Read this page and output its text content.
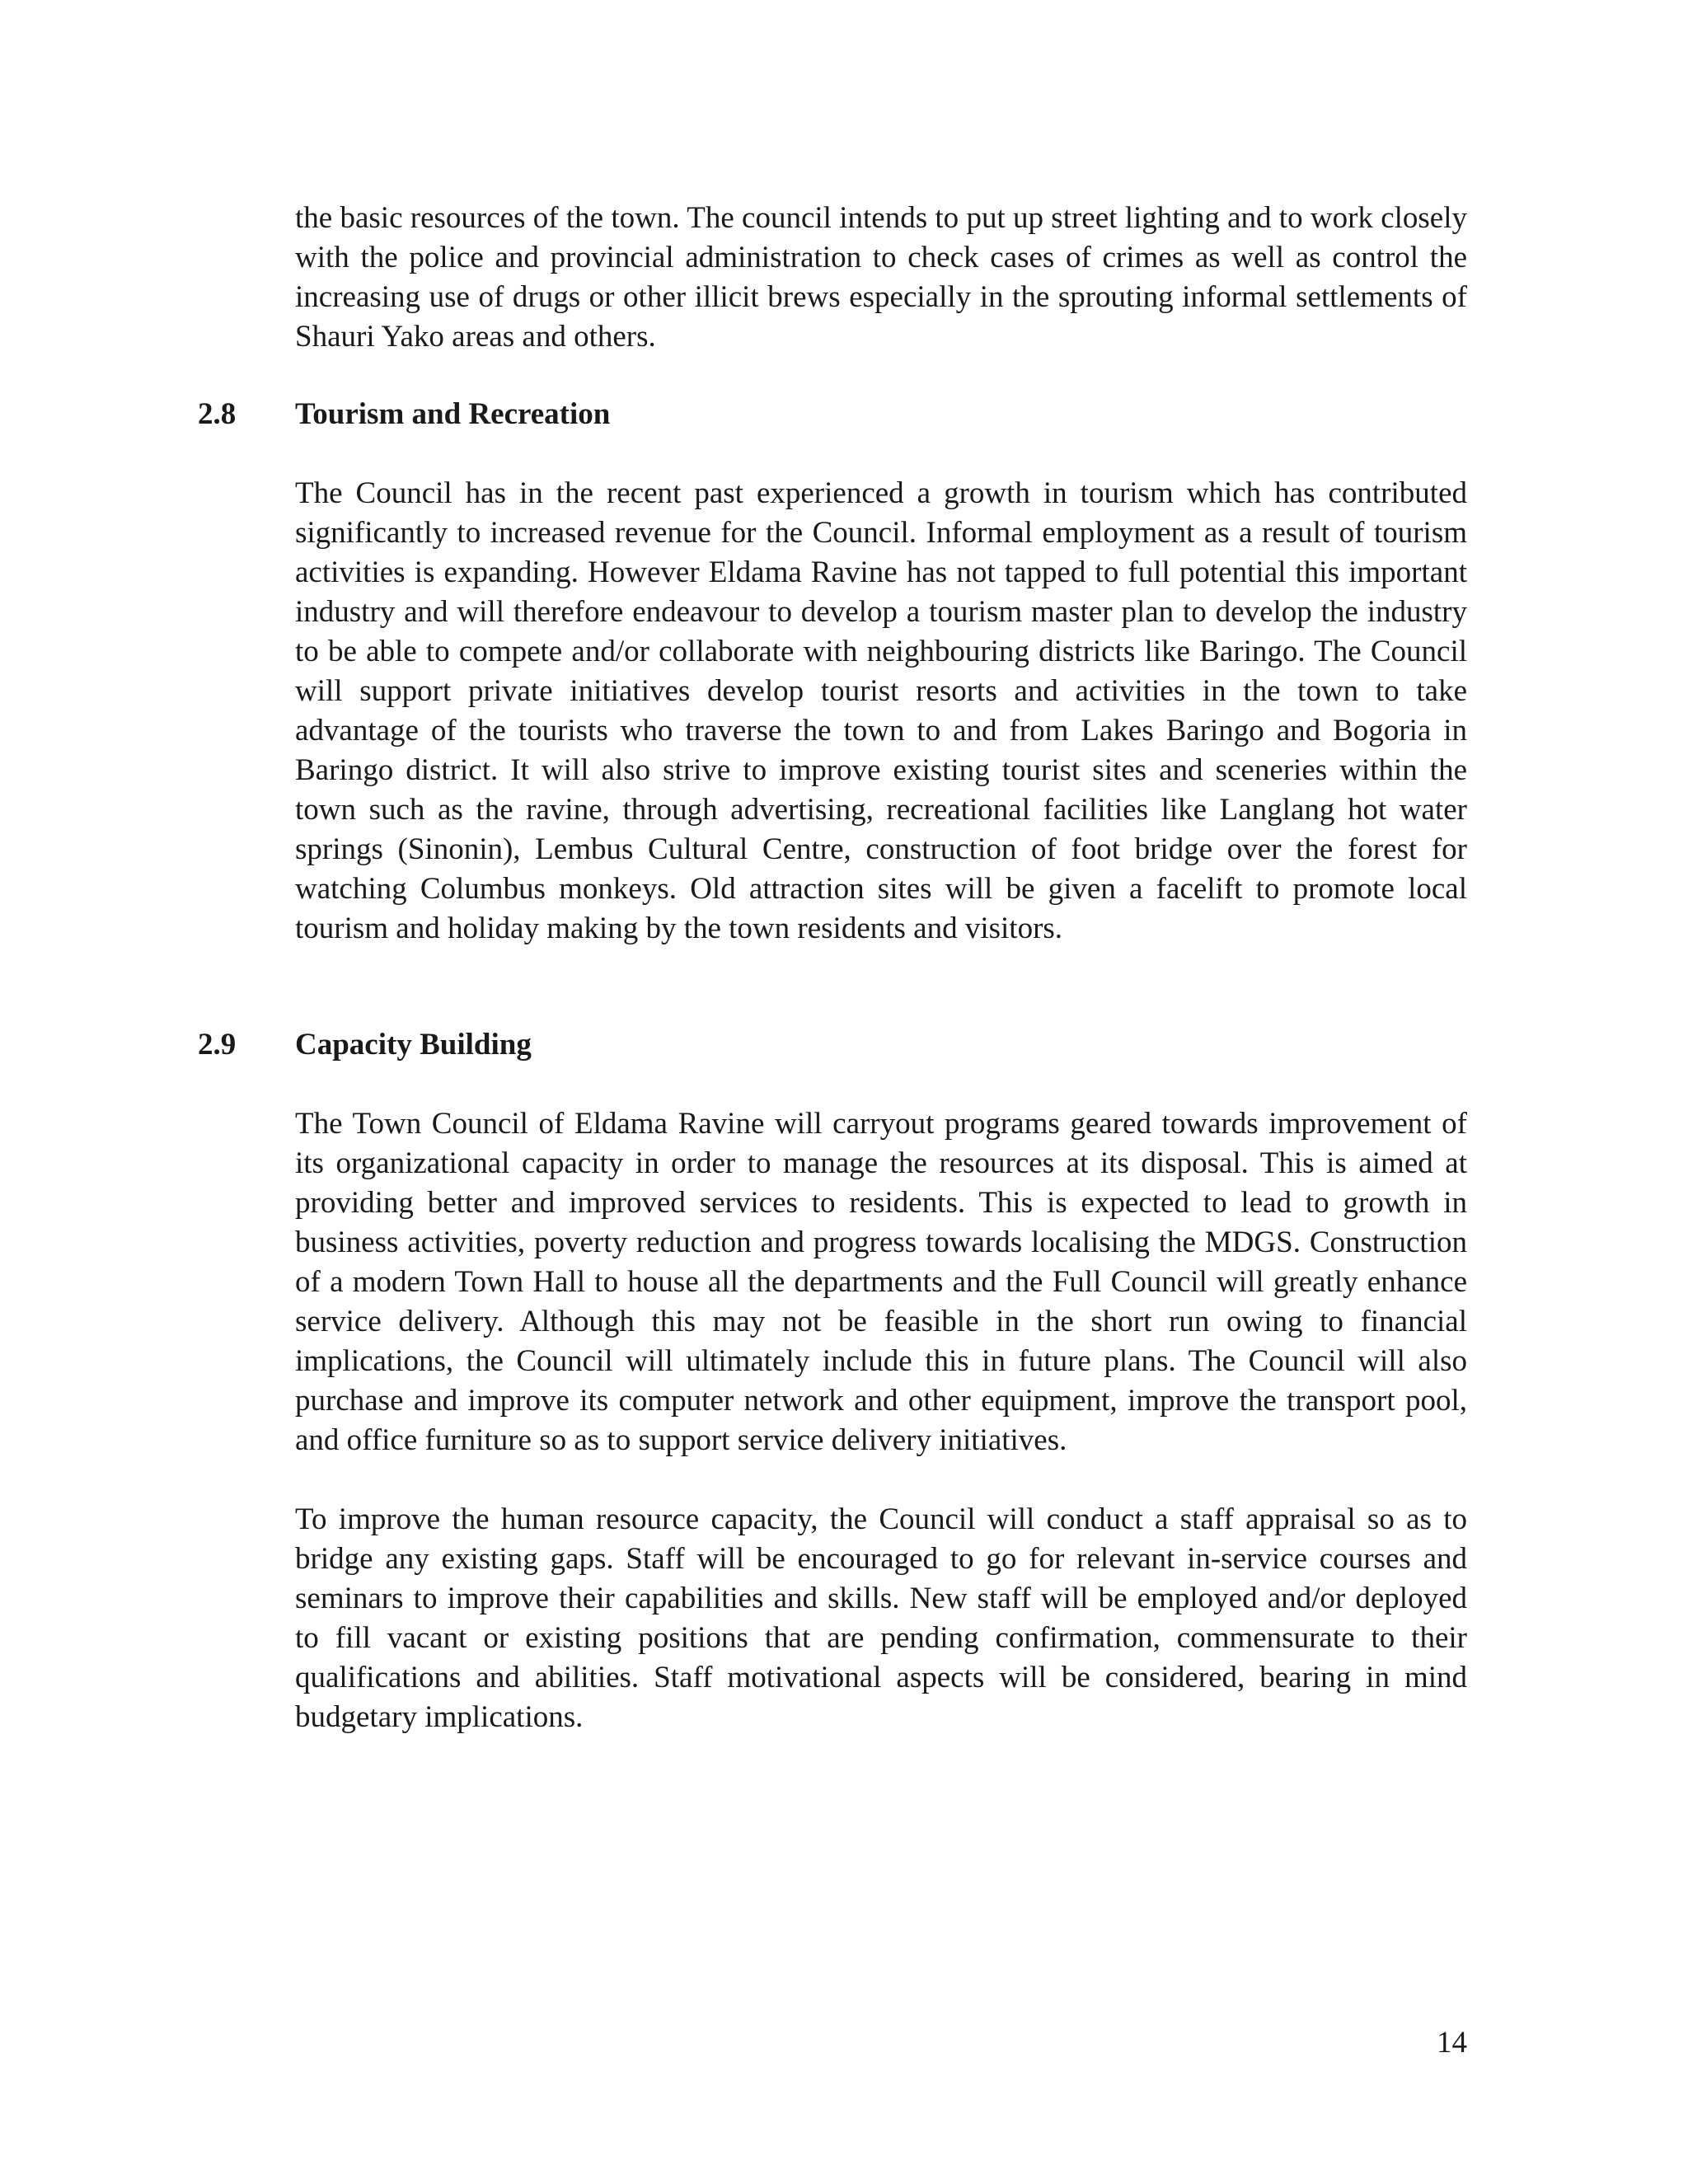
the basic resources of the town. The council intends to put up street lighting and to work closely with the police and provincial administration to check cases of crimes as well as control the increasing use of drugs or other illicit brews especially in the sprouting informal settlements of Shauri Yako areas and others.

2.8	Tourism and Recreation

The Council has in the recent past experienced a growth in tourism which has contributed significantly to increased revenue for the Council. Informal employment as a result of tourism activities is expanding. However Eldama Ravine has not tapped to full potential this important industry and will therefore endeavour to develop a tourism master plan to develop the industry to be able to compete and/or collaborate with neighbouring districts like Baringo. The Council will support private initiatives develop tourist resorts and activities in the town to take advantage of the tourists who traverse the town to and from Lakes Baringo and Bogoria in Baringo district. It will also strive to improve existing tourist sites and sceneries within the town such as the ravine, through advertising, recreational facilities like Langlang hot water springs (Sinonin), Lembus Cultural Centre, construction of foot bridge over the forest for watching Columbus monkeys. Old attraction sites will be given a facelift to promote local tourism and holiday making by the town residents and visitors.

2.9	Capacity Building

The Town Council of Eldama Ravine will carryout programs geared towards improvement of its organizational capacity in order to manage the resources at its disposal. This is aimed at providing better and improved services to residents. This is expected to lead to growth in business activities, poverty reduction and progress towards localising the MDGS. Construction of a modern Town Hall to house all the departments and the Full Council will greatly enhance service delivery. Although this may not be feasible in the short run owing to financial implications, the Council will ultimately include this in future plans. The Council will also purchase and improve its computer network and other equipment, improve the transport pool, and office furniture so as to support service delivery initiatives.

To improve the human resource capacity, the Council will conduct a staff appraisal so as to bridge any existing gaps. Staff will be encouraged to go for relevant in-service courses and seminars to improve their capabilities and skills. New staff will be employed and/or deployed to fill vacant or existing positions that are pending confirmation, commensurate to their qualifications and abilities. Staff motivational aspects will be considered, bearing in mind budgetary implications.

14
